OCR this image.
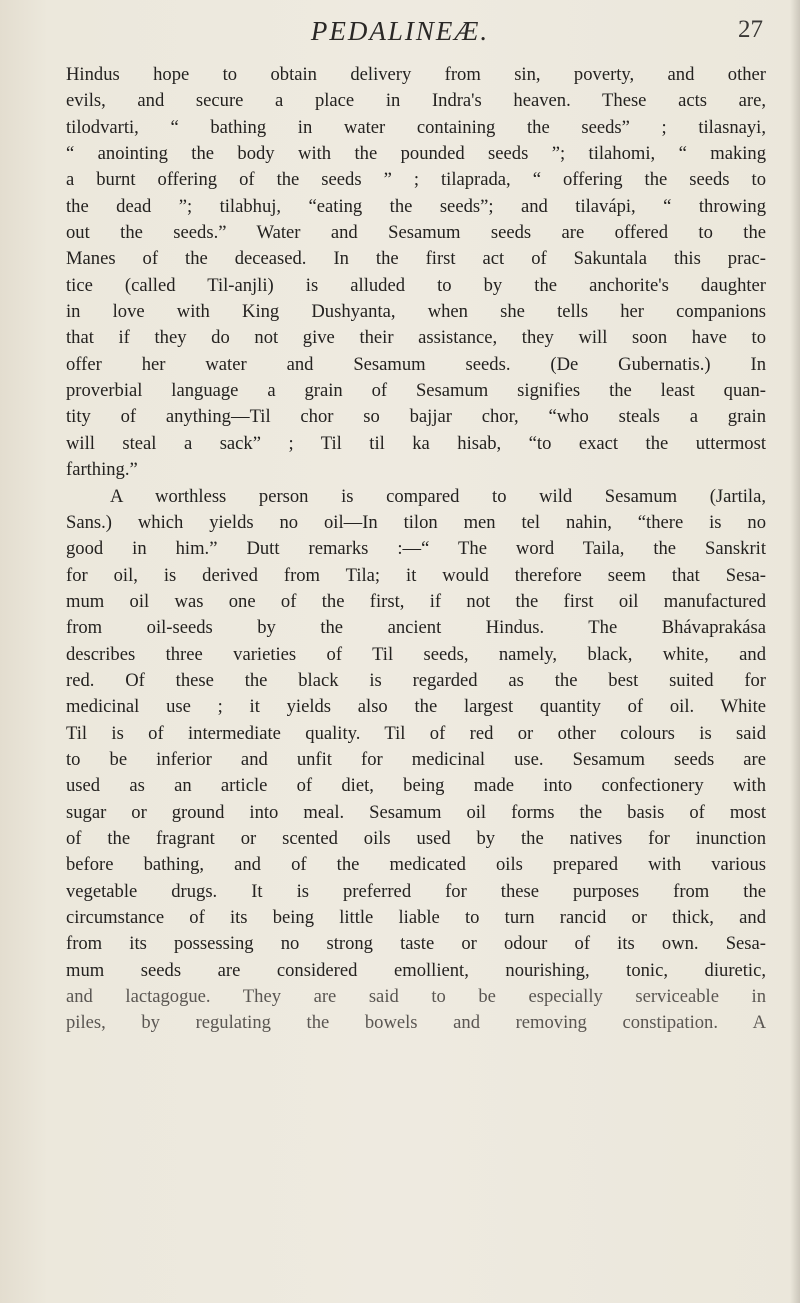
PEDALINEÆ.	27
Hindus hope to obtain delivery from sin, poverty, and other
evils, and secure a place in Indra's heaven. These acts are,
tilodvarti, “ bathing in water containing the seeds” ; tilasnayi,
“ anointing the body with the pounded seeds ”; tilahomi, “ making
a burnt offering of the seeds ” ; tilaprada, “ offering the seeds to
the dead ”; tilabhuj, “eating the seeds”; and tilavápi, “ throwing
out the seeds.” Water and Sesamum seeds are offered to the
Manes of the deceased. In the first act of Sakuntala this prac-
tice (called Til-anjli) is alluded to by the anchorite's daughter
in love with King Dushyanta, when she tells her companions
that if they do not give their assistance, they will soon have to
offer her water and Sesamum seeds. (De Gubernatis.) In
proverbial language a grain of Sesamum signifies the least quan-
tity of anything—Til chor so bajjar chor, “who steals a grain
will steal a sack” ; Til til ka hisab, “to exact the uttermost
farthing.”
A worthless person is compared to wild Sesamum (Jartila,
Sans.) which yields no oil—In tilon men tel nahin, “there is no
good in him.” Dutt remarks :—“ The word Taila, the Sanskrit
for oil, is derived from Tila; it would therefore seem that Sesa-
mum oil was one of the first, if not the first oil manufactured
from oil-seeds by the ancient Hindus. The Bhávaprakása
describes three varieties of Til seeds, namely, black, white, and
red. Of these the black is regarded as the best suited for
medicinal use ; it yields also the largest quantity of oil. White
Til is of intermediate quality. Til of red or other colours is said
to be inferior and unfit for medicinal use. Sesamum seeds are
used as an article of diet, being made into confectionery with
sugar or ground into meal. Sesamum oil forms the basis of most
of the fragrant or scented oils used by the natives for inunction
before bathing, and of the medicated oils prepared with various
vegetable drugs. It is preferred for these purposes from the
circumstance of its being little liable to turn rancid or thick, and
from its possessing no strong taste or odour of its own. Sesa-
mum seeds are considered emollient, nourishing, tonic, diuretic,
and lactagogue. They are said to be especially serviceable in
piles, by regulating the bowels and removing constipation. A
